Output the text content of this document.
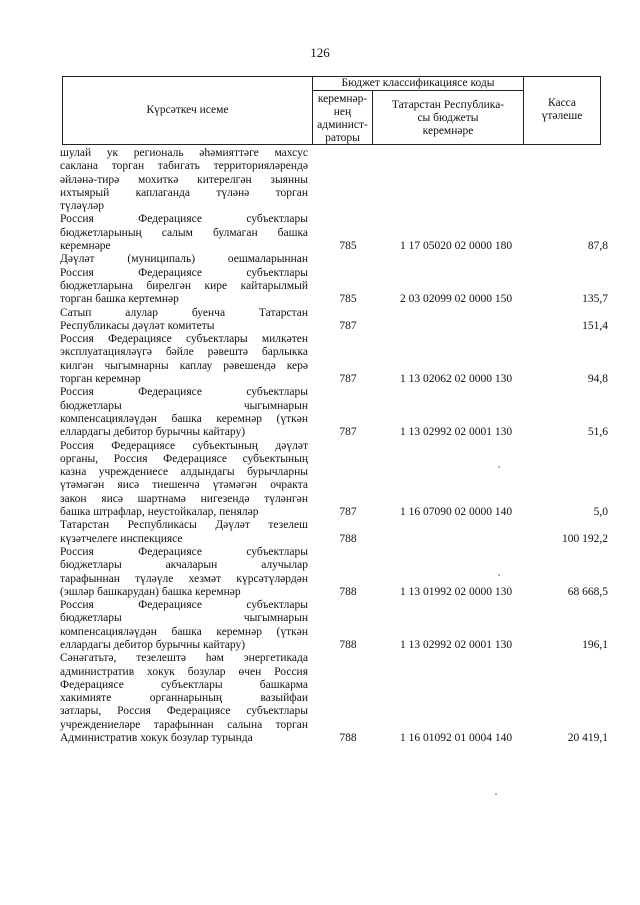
126
Күрсәткеч исеме
Бюджет классификациясе коды
кеpемнәр-
нең
админист-
раторы
Татарстан Республика-
сы бюджеты
керемнәре
Касса
үтәлеше
шулай ук региональ әһәмияттәге махсус
саклана торган табигать территорияләрендә
әйләнә-тирә мохиткә китерелгән зыянны
ихтыярый каплаганда түләнә торган
түләүләр
Россия Федерациясе субъектлары
бюджетларының салым булмаган башка
керемнәре	785	1 17 05020 02 0000 180	87,8
Дәүләт (муниципаль) оешмаларыннан
Россия Федерациясе субъектлары
бюджетларына бирелгән кире кайтарылмый
торган башка кертемнәр	785	2 03 02099 02 0000 150	135,7
Сатып алулар буенча Татарстан
Республикасы дәүләт комитеты	787	151,4
Россия Федерациясе субъектлары милкәтен
эксплуатацияләүгә бәйле рәвештә барлыкка
килгән чыгымнарны каплау рәвешендә керә
торган керемнәр	787	1 13 02062 02 0000 130	94,8
Россия Федерациясе субъектлары
бюджетлары чыгымнарын
компенсацияләүдән башка керемнәр (үткән
еллардагы дебитор бурычны кайтару)	787	1 13 02992 02 0001 130	51,6
Россия Федерациясе субъектының дәүләт
органы, Россия Федерациясе субъектының
казна учреждениесе алдындагы бурычларны
үтәмәгән яисә тиешенчә үтәмәгән очракта
закон яисә шартнамә нигезендә түләнгән
башка штрафлар, неустойкалар, пеняләр	787	1 16 07090 02 0000 140	5,0
Татарстан Республикасы Дәүләт тезелеш
күзәтчелеге инспекциясе	788	100 192,2
Россия Федерациясе субъектлары
бюджетлары акчаларын алучылар
тарафыннан түләүле хезмәт күрсәтүләрдән
(эшләр башкарудан) башка керемнәр	788	1 13 01992 02 0000 130	68 668,5
Россия Федерациясе субъектлары
бюджетлары чыгымнарын
компенсацияләүдән башка керемнәр (үткән
еллардагы дебитор бурычны кайтару)	788	1 13 02992 02 0001 130	196,1
Сәнәгатьтә, тезелештә һәм энергетикада
административ хокук бозулар өчен Россия
Федерациясе субъектлары башкарма
хакимияте органнарының вазыйфаи
затлары, Россия Федерациясе субъектлары
учреждениеләре тарафыннан салына торган
Административ хокук бозулар турында	788	1 16 01092 01 0004 140	20 419,1
